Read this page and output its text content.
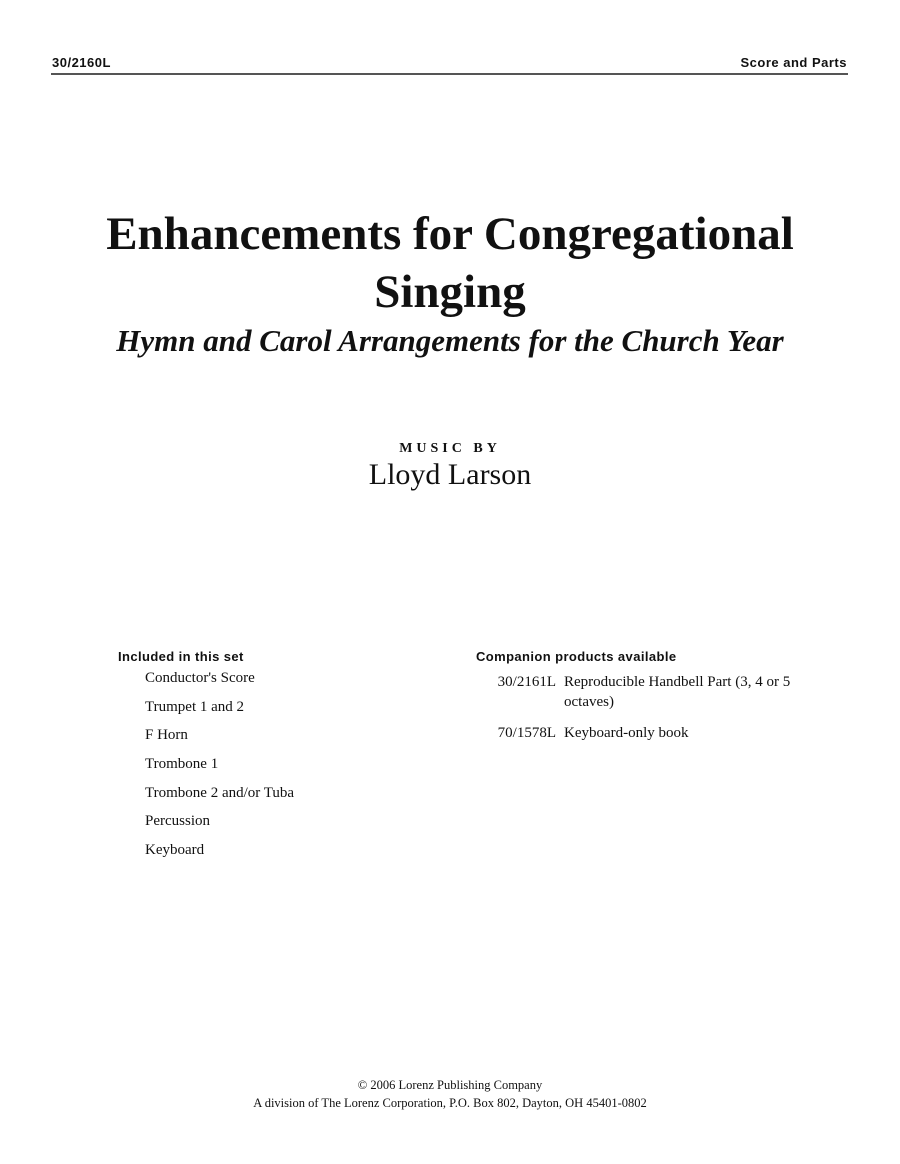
30/2160L	Score and Parts
Enhancements for Congregational
Singing
Hymn and Carol Arrangements for the Church Year
MUSIC BY
Lloyd Larson
Included in this set
Conductor's Score
Trumpet 1 and 2
F Horn
Trombone 1
Trombone 2 and/or Tuba
Percussion
Keyboard
Companion products available
30/2161L Reproducible Handbell Part (3, 4 or 5 octaves)
70/1578L Keyboard-only book
© 2006 Lorenz Publishing Company
A division of The Lorenz Corporation, P.O. Box 802, Dayton, OH 45401-0802
